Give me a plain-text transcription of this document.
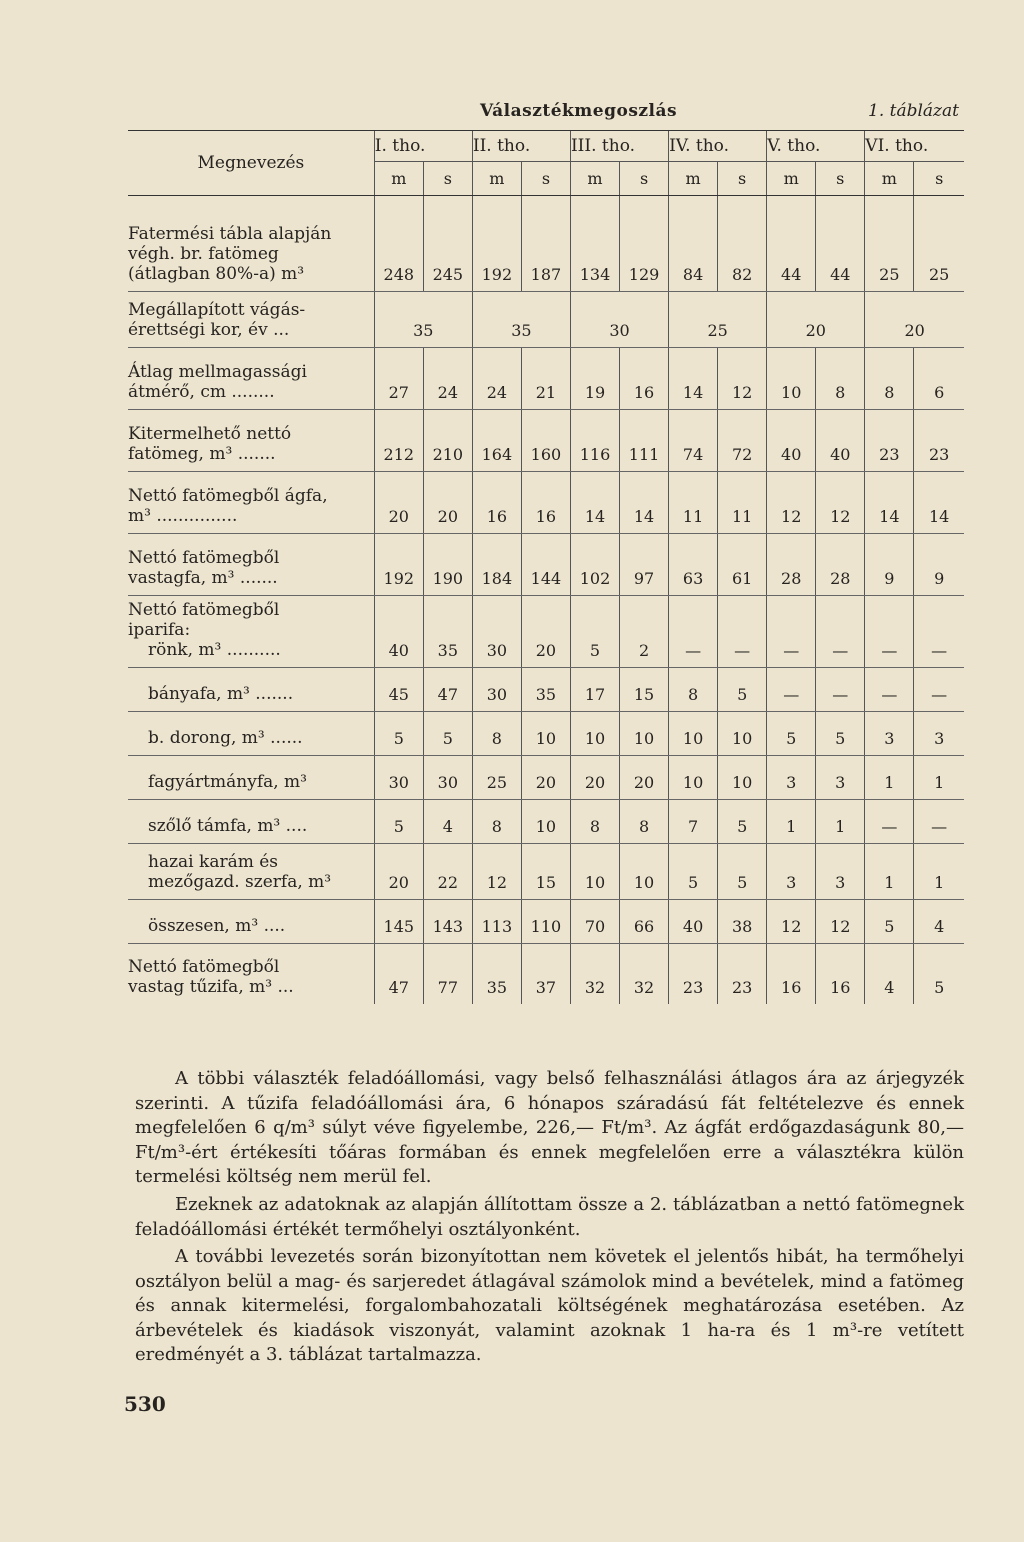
Választékmegoszlás	1. táblázat
Megnevezés	I. tho.		II. tho.		III. tho.		IV. tho.		V. tho.		VI. tho.	
	m	s	m	s	m	s	m	s	m	s	m	s

Fatermési tábla alapján
végh. br. fatömeg
(átlagban 80%-a) m³	248	245	192	187	134	129	84	82	44	44	25	25

Megállapított vágás-
érettségi kor, év ...	35		35		30		25		20		20	

Átlag mellmagassági
átmérő, cm ........	27	24	24	21	19	16	14	12	10	8	8	6

Kitermelhető nettó
fatömeg, m³ .......	212	210	164	160	116	111	74	72	40	40	23	23

Nettó fatömegből ágfa,
m³ ...............	20	20	16	16	14	14	11	11	12	12	14	14

Nettó fatömegből
vastagfa, m³ .......	192	190	184	144	102	97	63	61	28	28	9	9

Nettó fatömegből
iparifa:
rönk, m³ ..........	40	35	30	20	5	2	—	—	—	—	—	—

bányafa, m³ .......	45	47	30	35	17	15	8	5	—	—	—	—

b. dorong, m³ ......	5	5	8	10	10	10	10	10	5	5	3	3

fagyártmányfa, m³	30	30	25	20	20	20	10	10	3	3	1	1

szőlő támfa, m³ ....	5	4	8	10	8	8	7	5	1	1	—	—

hazai karám és
mezőgazd. szerfa, m³	20	22	12	15	10	10	5	5	3	3	1	1

összesen, m³ ....	145	143	113	110	70	66	40	38	12	12	5	4

Nettó fatömegből
vastag tűzifa, m³ ...	47	77	35	37	32	32	23	23	16	16	4	5
A többi választék feladóállomási, vagy belső felhasználási átlagos ára az árjegyzék szerinti. A tűzifa feladóállomási ára, 6 hónapos száradású fát feltételezve és ennek megfelelően 6 q/m³ súlyt véve figyelembe, 226,— Ft/m³. Az ágfát erdőgazdaságunk 80,— Ft/m³-ért értékesíti tőáras formában és ennek megfelelően erre a választékra külön termelési költség nem merül fel.
Ezeknek az adatoknak az alapján állítottam össze a 2. táblázatban a nettó fatömegnek feladóállomási értékét termőhelyi osztályonként.
A további levezetés során bizonyítottan nem követek el jelentős hibát, ha termőhelyi osztályon belül a mag- és sarjeredet átlagával számolok mind a bevételek, mind a fatömeg és annak kitermelési, forgalombahozatali költségének meghatározása esetében. Az árbevételek és kiadások viszonyát, valamint azoknak 1 ha-ra és 1 m³-re vetített eredményét a 3. táblázat tartalmazza.
530
